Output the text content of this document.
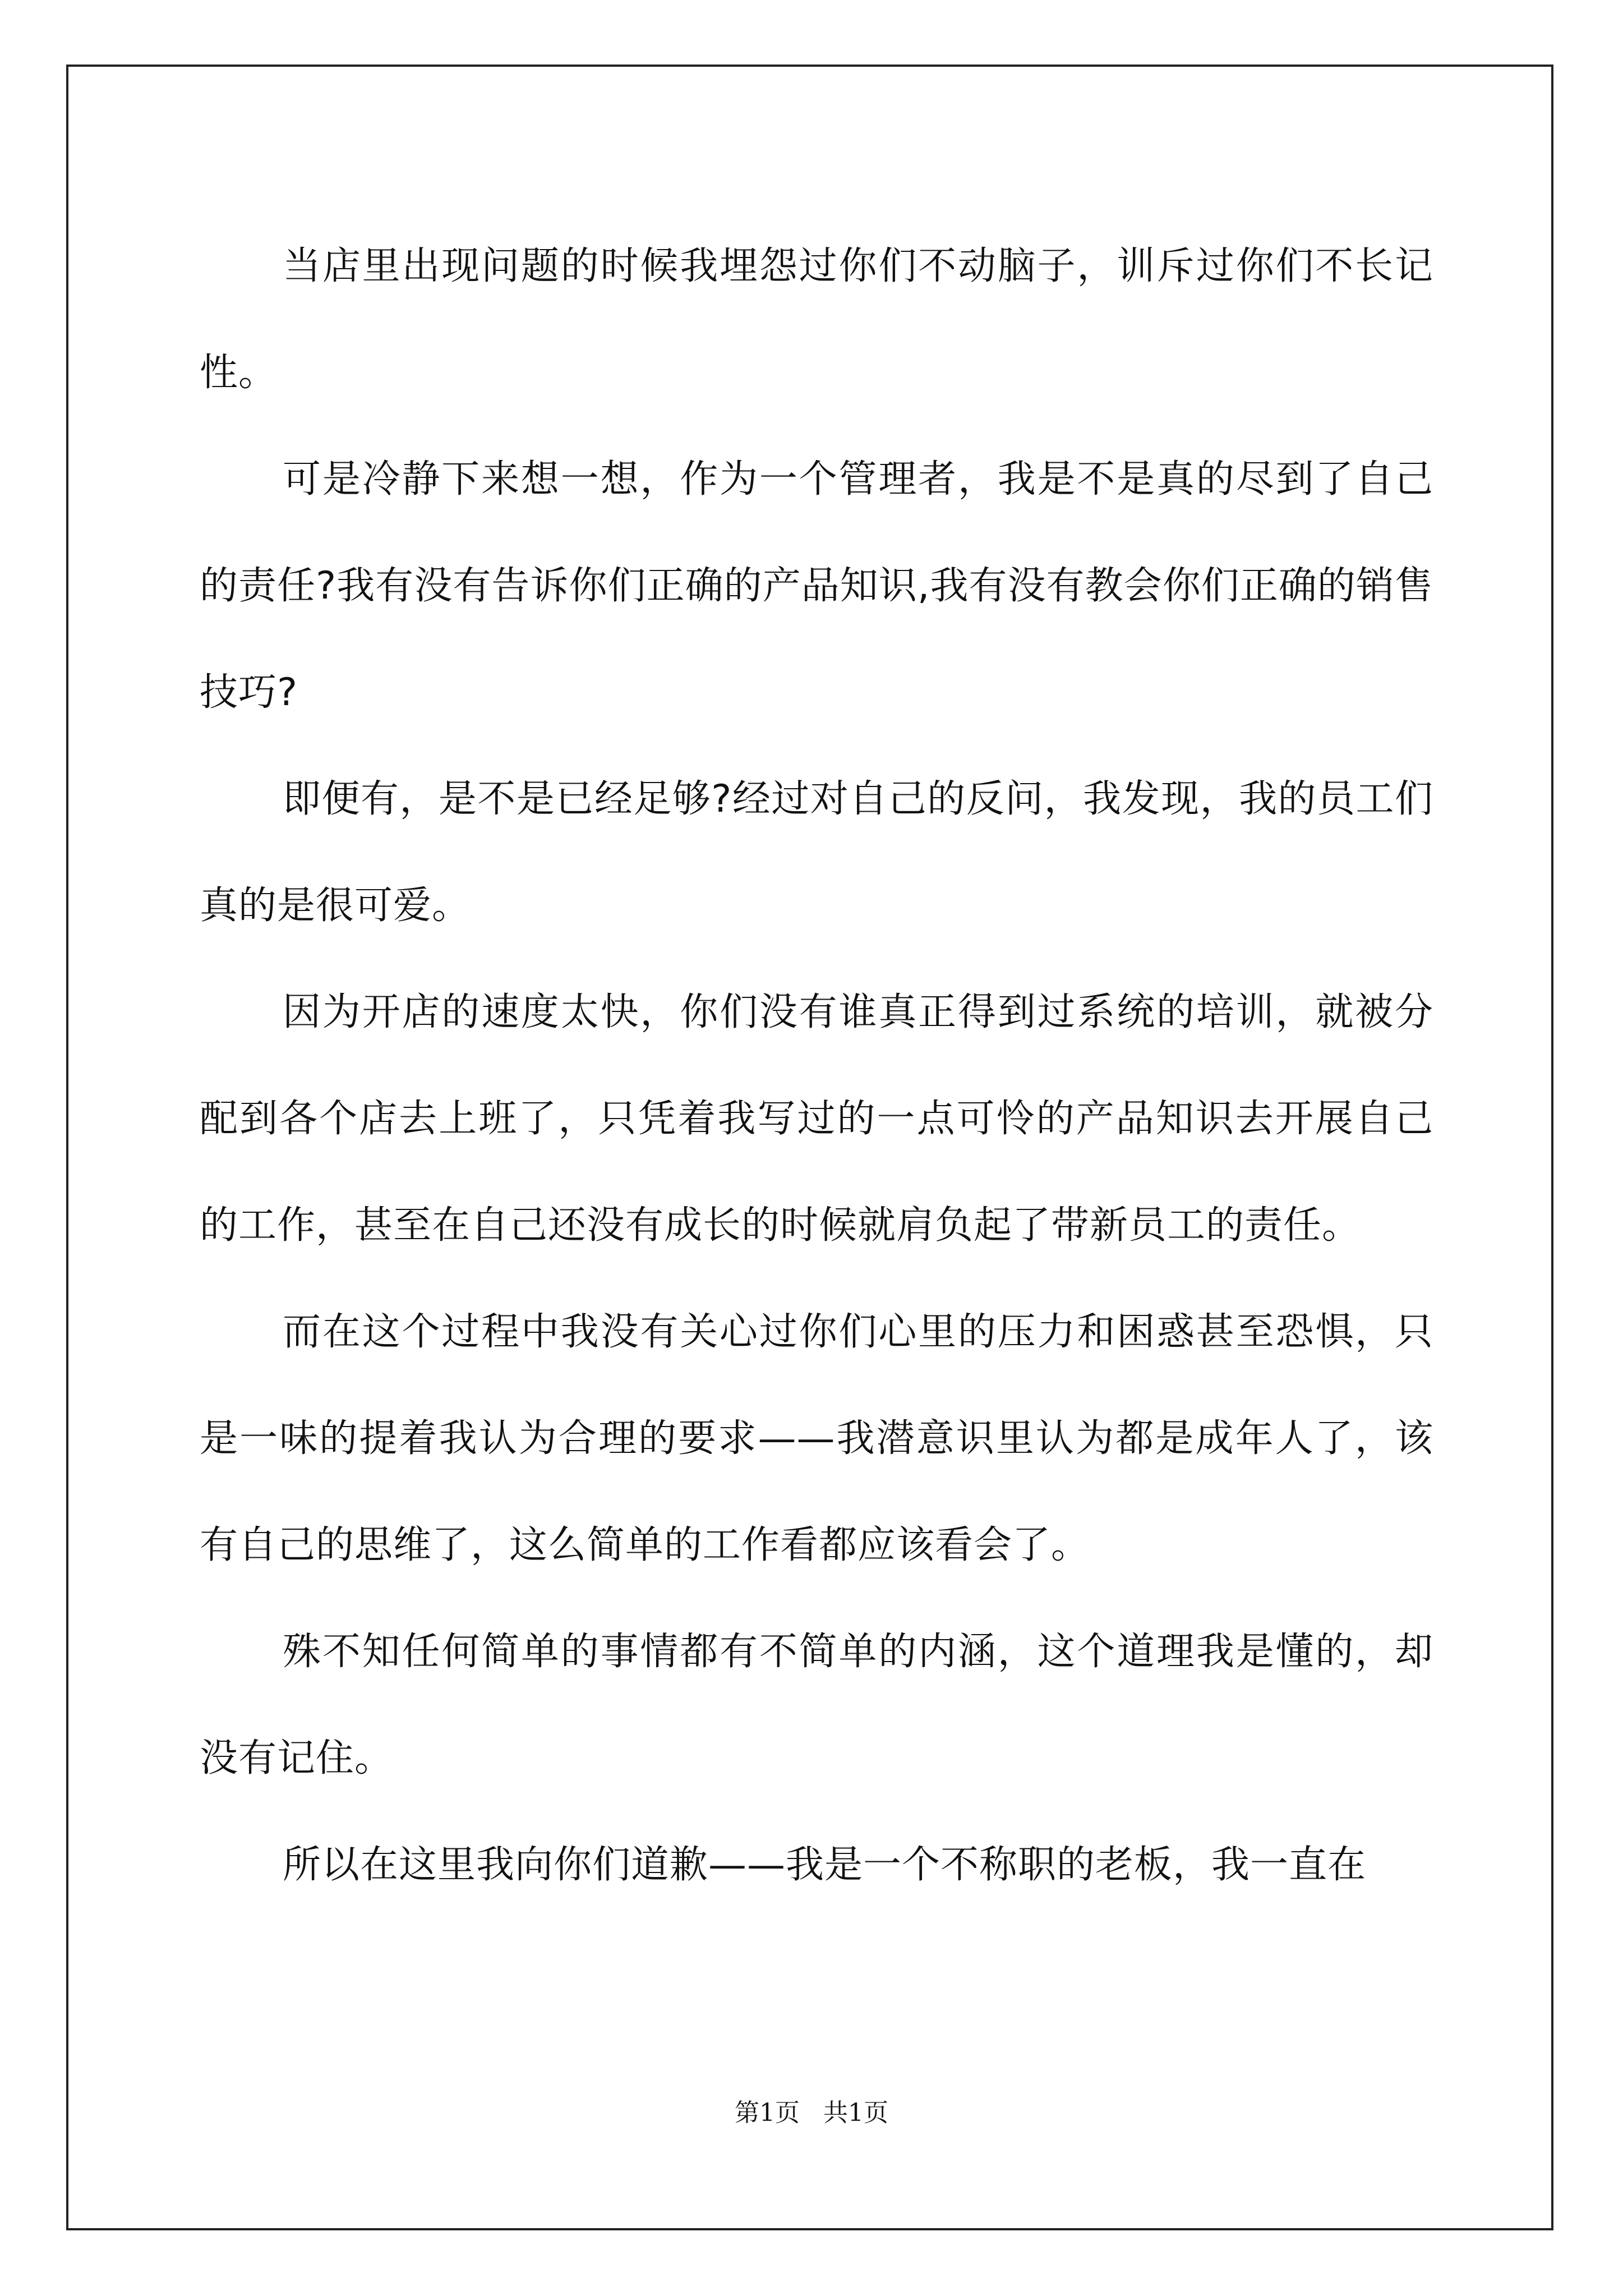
当店里出现问题的时候我埋怨过你们不动脑子，训斥过你们不长记性。

可是冷静下来想一想，作为一个管理者，我是不是真的尽到了自己的责任?我有没有告诉你们正确的产品知识,我有没有教会你们正确的销售技巧?

即便有，是不是已经足够?经过对自己的反问，我发现，我的员工们真的是很可爱。

因为开店的速度太快，你们没有谁真正得到过系统的培训，就被分配到各个店去上班了，只凭着我写过的一点可怜的产品知识去开展自己的工作，甚至在自己还没有成长的时候就肩负起了带新员工的责任。

而在这个过程中我没有关心过你们心里的压力和困惑甚至恐惧，只是一味的提着我认为合理的要求——我潜意识里认为都是成年人了，该有自己的思维了，这么简单的工作看都应该看会了。

殊不知任何简单的事情都有不简单的内涵，这个道理我是懂的，却没有记住。

所以在这里我向你们道歉——我是一个不称职的老板，我一直在

第1页 共1页
